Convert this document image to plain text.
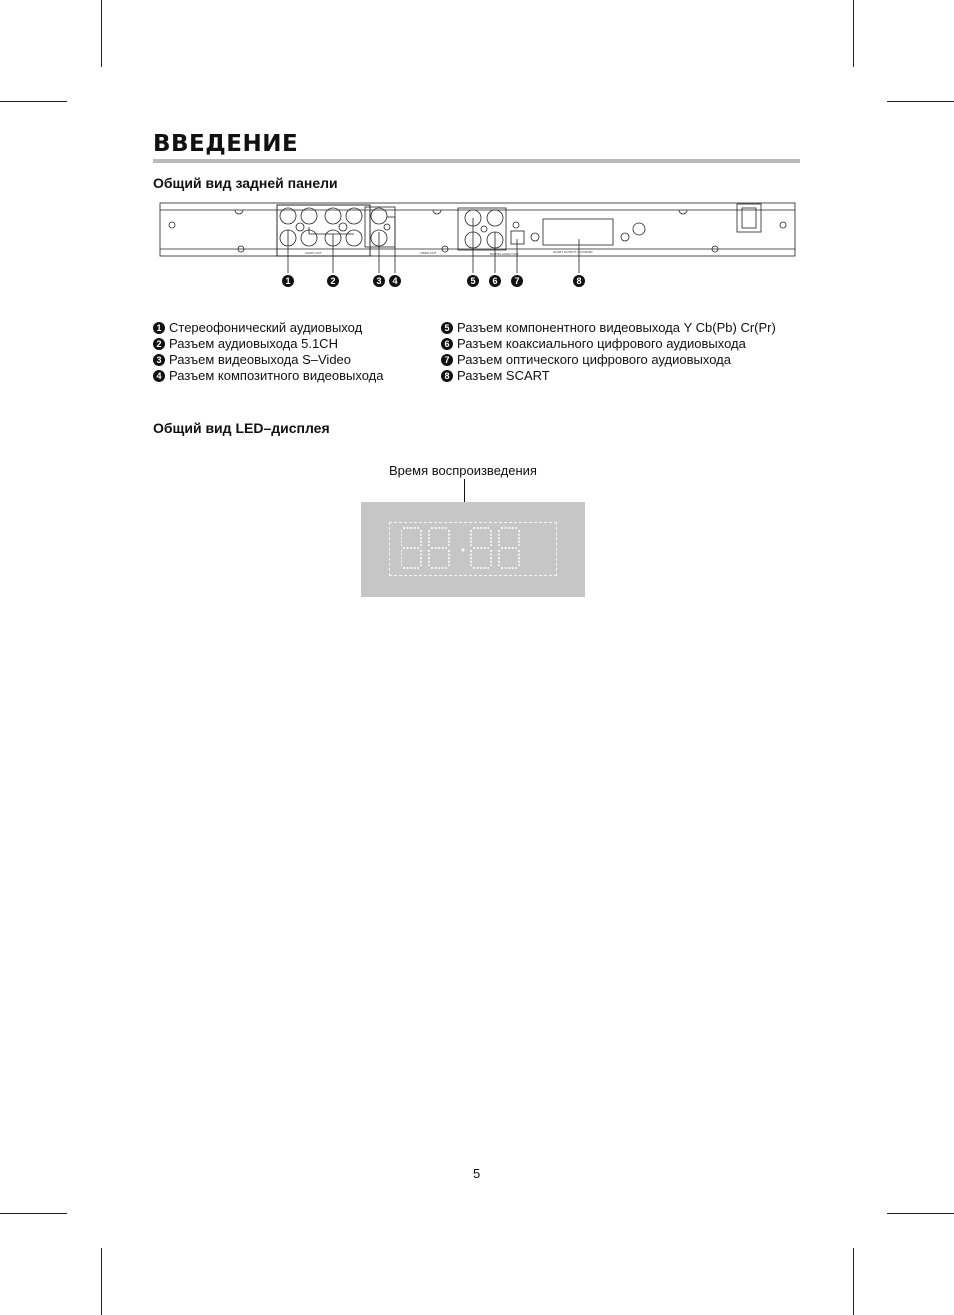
ВВЕДЕНИЕ
Общий вид задней панели
AUDIO OUT	VIDEO OUT	DIGITAL AUDIO OUT	SCART OUTPUT (YUV/RGB)
1	2	3	4	5	6	7	8
1 Стереофонический аудиовыход
2 Разъем аудиовыхода 5.1CH
3 Разъем видеовыхода S–Video
4 Разъем композитного видеовыхода
5 Разъем компонентного видеовыхода Y Cb(Pb) Cr(Pr)
6 Разъем коаксиального цифрового аудиовыхода
7 Разъем оптического цифрового аудиовыхода
8 Разъем SCART
Общий вид LED–дисплея
Время воспроизведения
5
